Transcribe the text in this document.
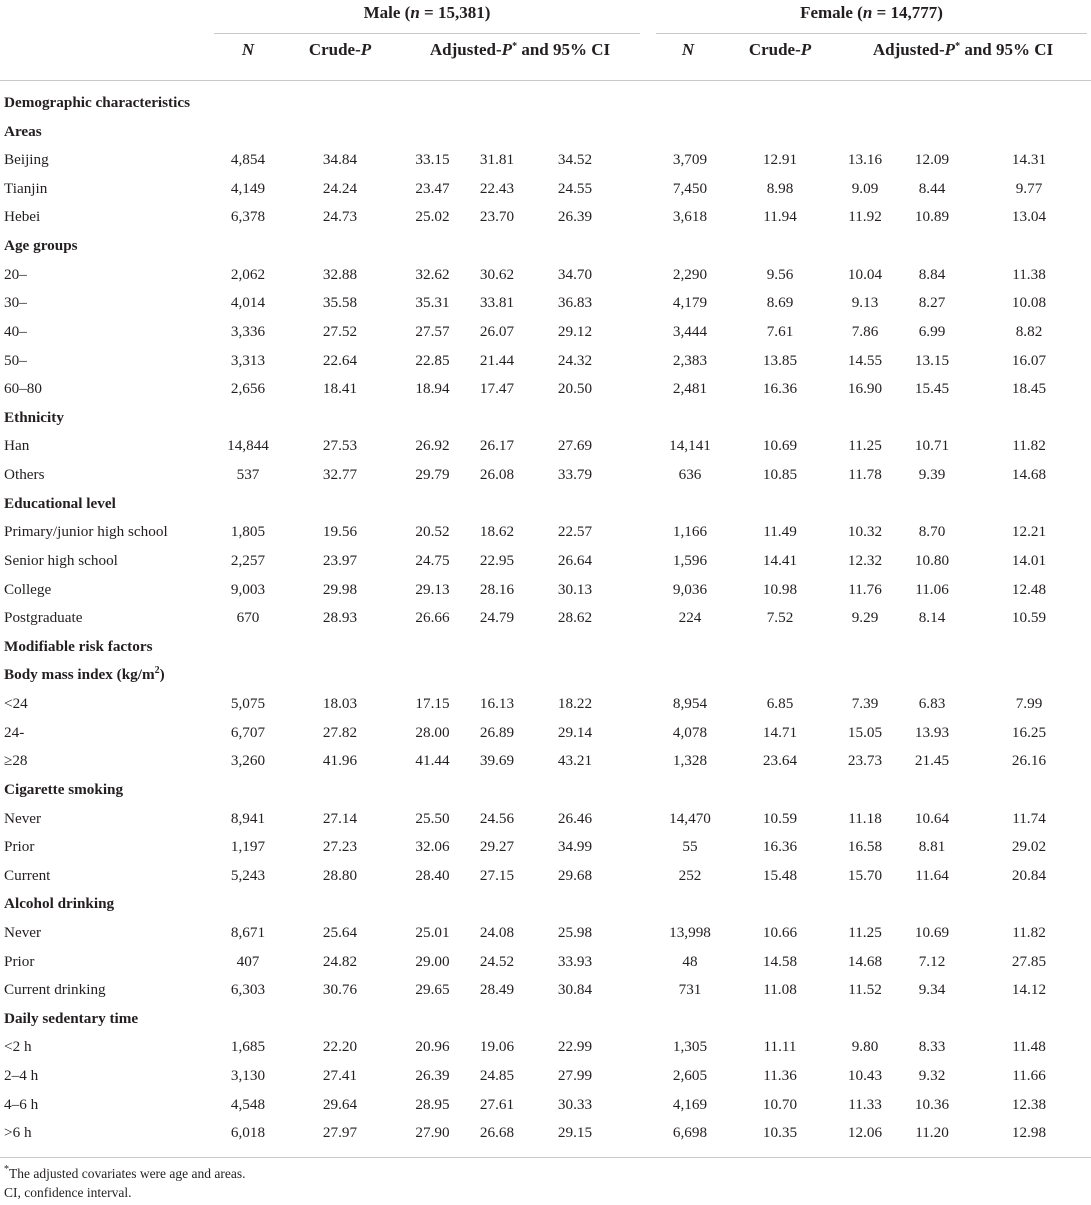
Male (n = 15,381)	Female (n = 14,777)
N	Crude-P	Adjusted-P* and 95% CI	N	Crude-P	Adjusted-P* and 95% CI
Demographic characteristics
Areas
Beijing	4,854	34.84	33.15	31.81	34.52	3,709	12.91	13.16	12.09	14.31
Tianjin	4,149	24.24	23.47	22.43	24.55	7,450	8.98	9.09	8.44	9.77
Hebei	6,378	24.73	25.02	23.70	26.39	3,618	11.94	11.92	10.89	13.04
Age groups
20–	2,062	32.88	32.62	30.62	34.70	2,290	9.56	10.04	8.84	11.38
30–	4,014	35.58	35.31	33.81	36.83	4,179	8.69	9.13	8.27	10.08
40–	3,336	27.52	27.57	26.07	29.12	3,444	7.61	7.86	6.99	8.82
50–	3,313	22.64	22.85	21.44	24.32	2,383	13.85	14.55	13.15	16.07
60–80	2,656	18.41	18.94	17.47	20.50	2,481	16.36	16.90	15.45	18.45
Ethnicity
Han	14,844	27.53	26.92	26.17	27.69	14,141	10.69	11.25	10.71	11.82
Others	537	32.77	29.79	26.08	33.79	636	10.85	11.78	9.39	14.68
Educational level
Primary/junior high school	1,805	19.56	20.52	18.62	22.57	1,166	11.49	10.32	8.70	12.21
Senior high school	2,257	23.97	24.75	22.95	26.64	1,596	14.41	12.32	10.80	14.01
College	9,003	29.98	29.13	28.16	30.13	9,036	10.98	11.76	11.06	12.48
Postgraduate	670	28.93	26.66	24.79	28.62	224	7.52	9.29	8.14	10.59
Modifiable risk factors
Body mass index $(kg/m^2)$
<24	5,075	18.03	17.15	16.13	18.22	8,954	6.85	7.39	6.83	7.99
24-	6,707	27.82	28.00	26.89	29.14	4,078	14.71	15.05	13.93	16.25
≥28	3,260	41.96	41.44	39.69	43.21	1,328	23.64	23.73	21.45	26.16
Cigarette smoking
Never	8,941	27.14	25.50	24.56	26.46	14,470	10.59	11.18	10.64	11.74
Prior	1,197	27.23	32.06	29.27	34.99	55	16.36	16.58	8.81	29.02
Current	5,243	28.80	28.40	27.15	29.68	252	15.48	15.70	11.64	20.84
Alcohol drinking
Never	8,671	25.64	25.01	24.08	25.98	13,998	10.66	11.25	10.69	11.82
Prior	407	24.82	29.00	24.52	33.93	48	14.58	14.68	7.12	27.85
Current drinking	6,303	30.76	29.65	28.49	30.84	731	11.08	11.52	9.34	14.12
Daily sedentary time
<2 h	1,685	22.20	20.96	19.06	22.99	1,305	11.11	9.80	8.33	11.48
2–4 h	3,130	27.41	26.39	24.85	27.99	2,605	11.36	10.43	9.32	11.66
4–6 h	4,548	29.64	28.95	27.61	30.33	4,169	10.70	11.33	10.36	12.38
>6 h	6,018	27.97	27.90	26.68	29.15	6,698	10.35	12.06	11.20	12.98
*The adjusted covariates were age and areas.
CI, confidence interval.
